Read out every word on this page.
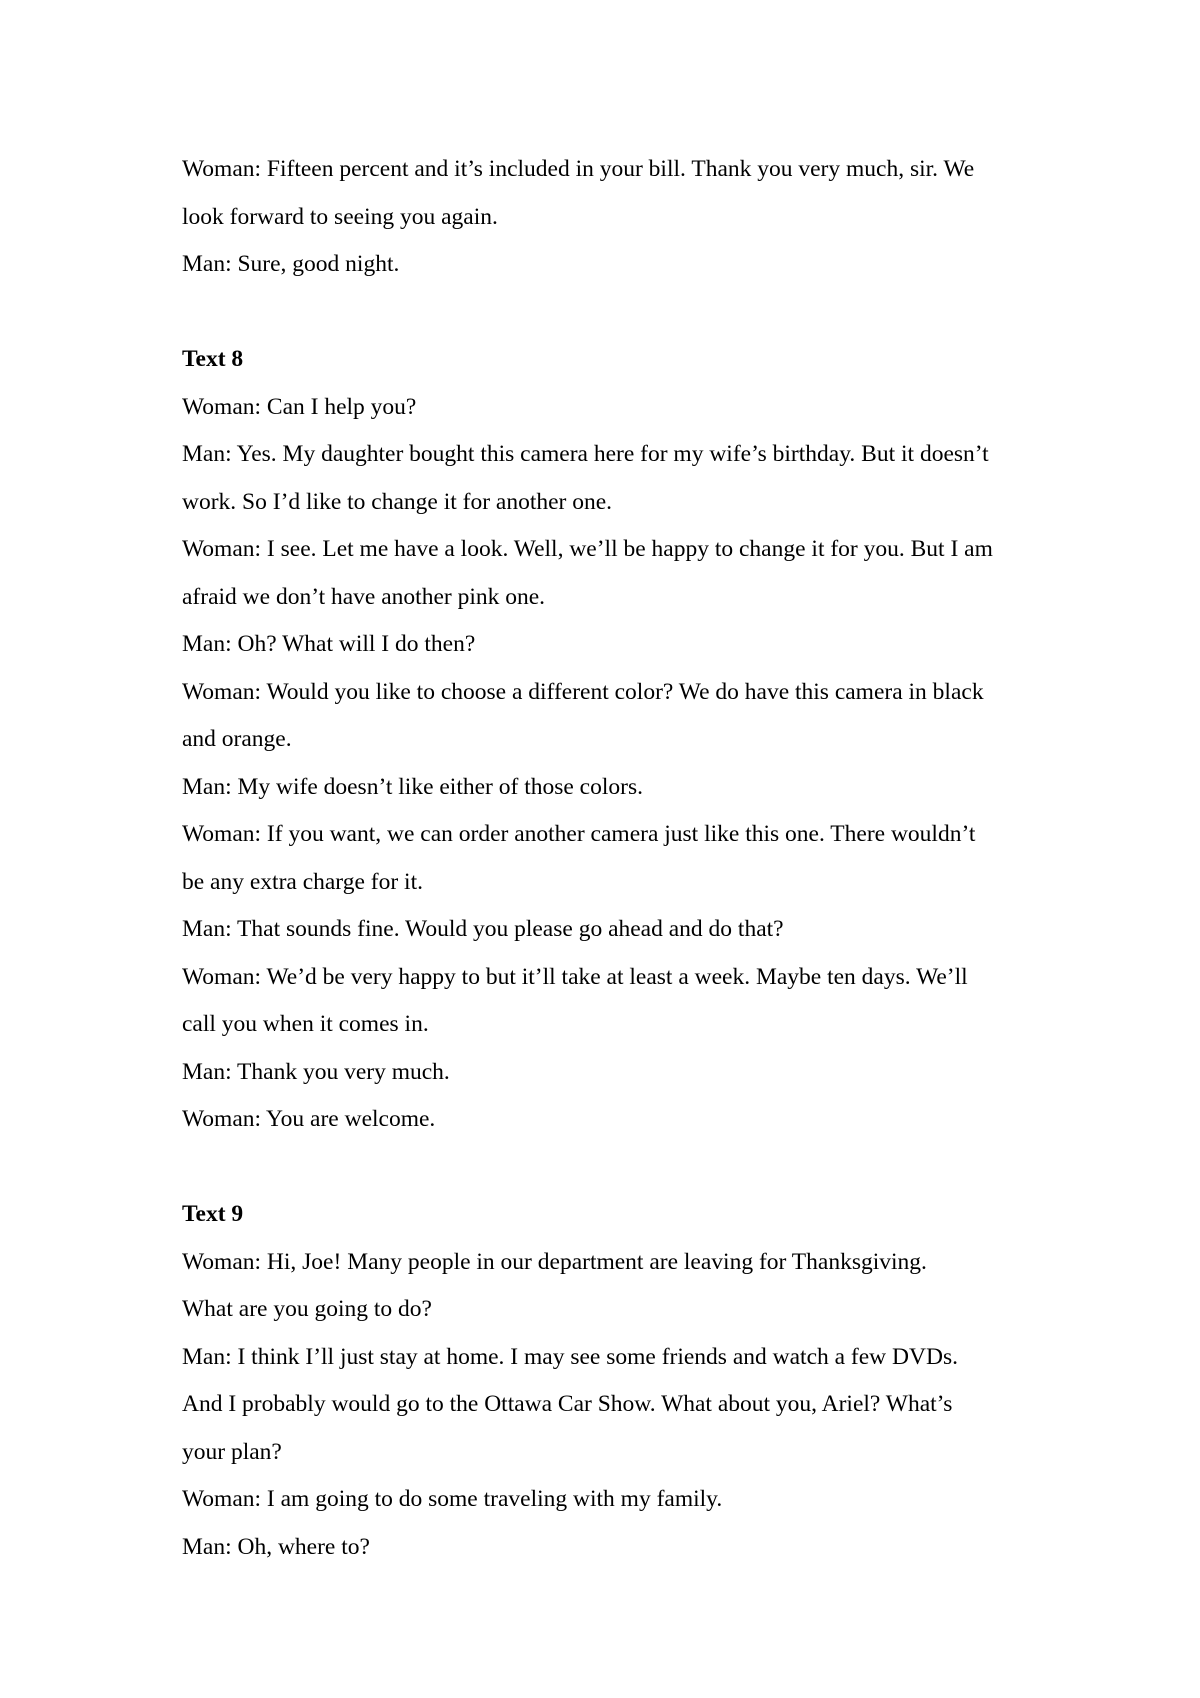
Woman: Fifteen percent and it’s included in your bill. Thank you very much, sir. We

look forward to seeing you again.

Man: Sure, good night.

Text 8

Woman: Can I help you?

Man: Yes. My daughter bought this camera here for my wife’s birthday. But it doesn’t

work. So I’d like to change it for another one.

Woman: I see. Let me have a look. Well, we’ll be happy to change it for you. But I am

afraid we don’t have another pink one.

Man: Oh? What will I do then?

Woman: Would you like to choose a different color? We do have this camera in black

and orange.

Man: My wife doesn’t like either of those colors.

Woman: If you want, we can order another camera just like this one. There wouldn’t

be any extra charge for it.

Man: That sounds fine. Would you please go ahead and do that?

Woman: We’d be very happy to but it’ll take at least a week. Maybe ten days. We’ll

call you when it comes in.

Man: Thank you very much.

Woman: You are welcome.

Text 9

Woman: Hi, Joe! Many people in our department are leaving for Thanksgiving.

What are you going to do?

Man: I think I’ll just stay at home. I may see some friends and watch a few DVDs.

And I probably would go to the Ottawa Car Show. What about you, Ariel? What’s

your plan?

Woman: I am going to do some traveling with my family.

Man: Oh, where to?
